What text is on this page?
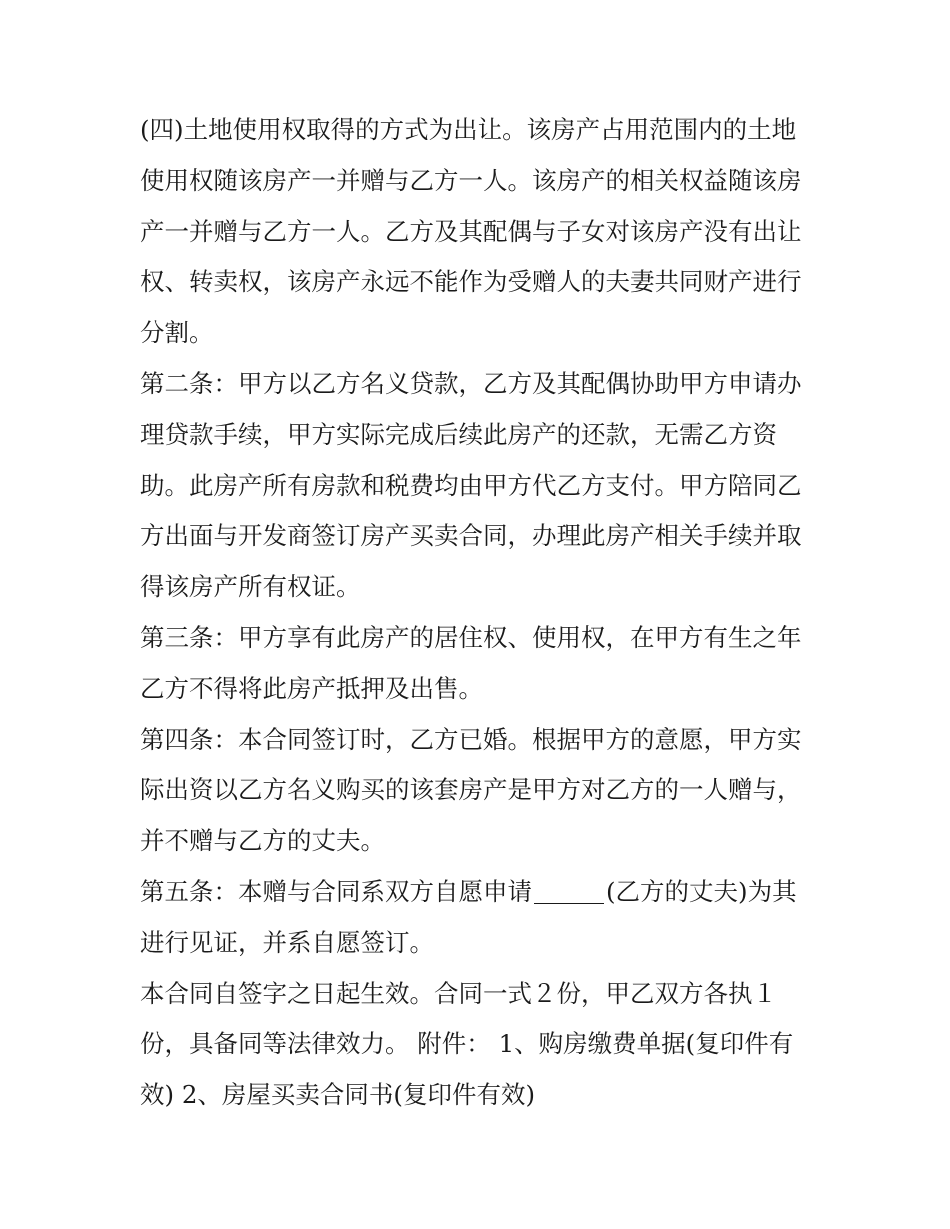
(四)土地使用权取得的方式为出让。该房产占用范围内的土地
使用权随该房产一并赠与乙方一人。该房产的相关权益随该房
产一并赠与乙方一人。乙方及其配偶与子女对该房产没有出让
权、转卖权，该房产永远不能作为受赠人的夫妻共同财产进行
分割。
第二条：甲方以乙方名义贷款，乙方及其配偶协助甲方申请办
理贷款手续，甲方实际完成后续此房产的还款，无需乙方资
助。此房产所有房款和税费均由甲方代乙方支付。甲方陪同乙
方出面与开发商签订房产买卖合同，办理此房产相关手续并取
得该房产所有权证。
第三条：甲方享有此房产的居住权、使用权，在甲方有生之年
乙方不得将此房产抵押及出售。
第四条：本合同签订时，乙方已婚。根据甲方的意愿，甲方实
际出资以乙方名义购买的该套房产是甲方对乙方的一人赠与，
并不赠与乙方的丈夫。
第五条：本赠与合同系双方自愿申请	(乙方的丈夫)为其
进行见证，并系自愿签订。
本合同自签字之日起生效。合同一式２份，甲乙双方各执１
份，具备同等法律效力。 附件： 1、购房缴费单据(复印件有
效) 2、房屋买卖合同书(复印件有效)
